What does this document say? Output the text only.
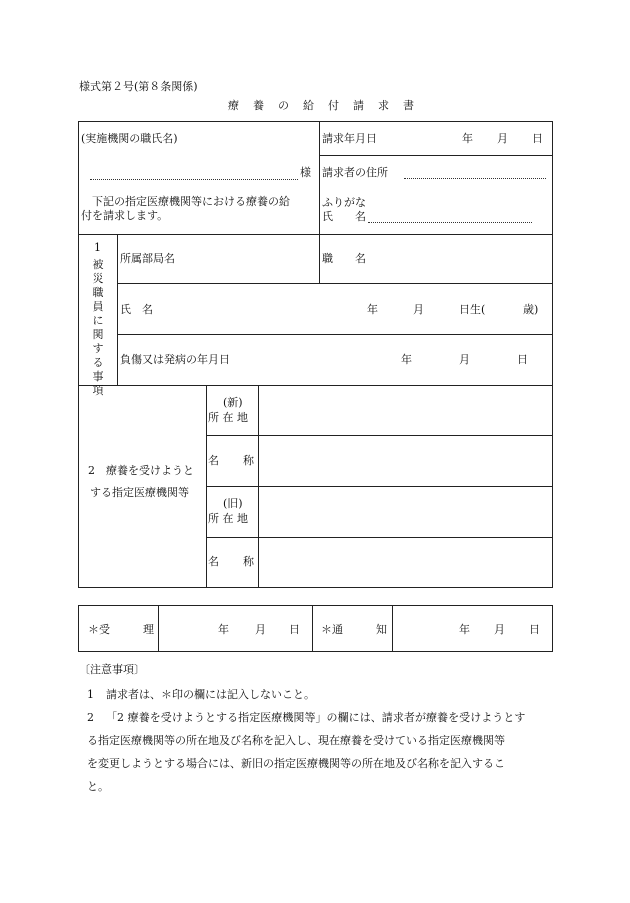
様式第２号(第８条関係)
療養の給付請求書
(実施機関の職氏名)
様
下記の指定医療機関等における療養の給
付を請求します。
請求年月日	年 月 日
請求者の住所
ふりがな
氏　　名
1
被災職員に関する事項
所属部局名	職　　名
氏　名	年	月	日生(	歳)
負傷又は発病の年月日	年	月	日
2　療養を受けようと
する指定医療機関等
(新)
所 在 地
名 称
(旧)
所 在 地
名 称
＊受　　　理	年 月 日 ＊通　　　知	年 月 日
〔注意事項〕
1 請求者は、＊印の欄には記入しないこと。
2 「2 療養を受けようとする指定医療機関等」の欄には、請求者が療養を受けようとす
る指定医療機関等の所在地及び名称を記入し、現在療養を受けている指定医療機関等
を変更しようとする場合には、新旧の指定医療機関等の所在地及び名称を記入するこ
と。
